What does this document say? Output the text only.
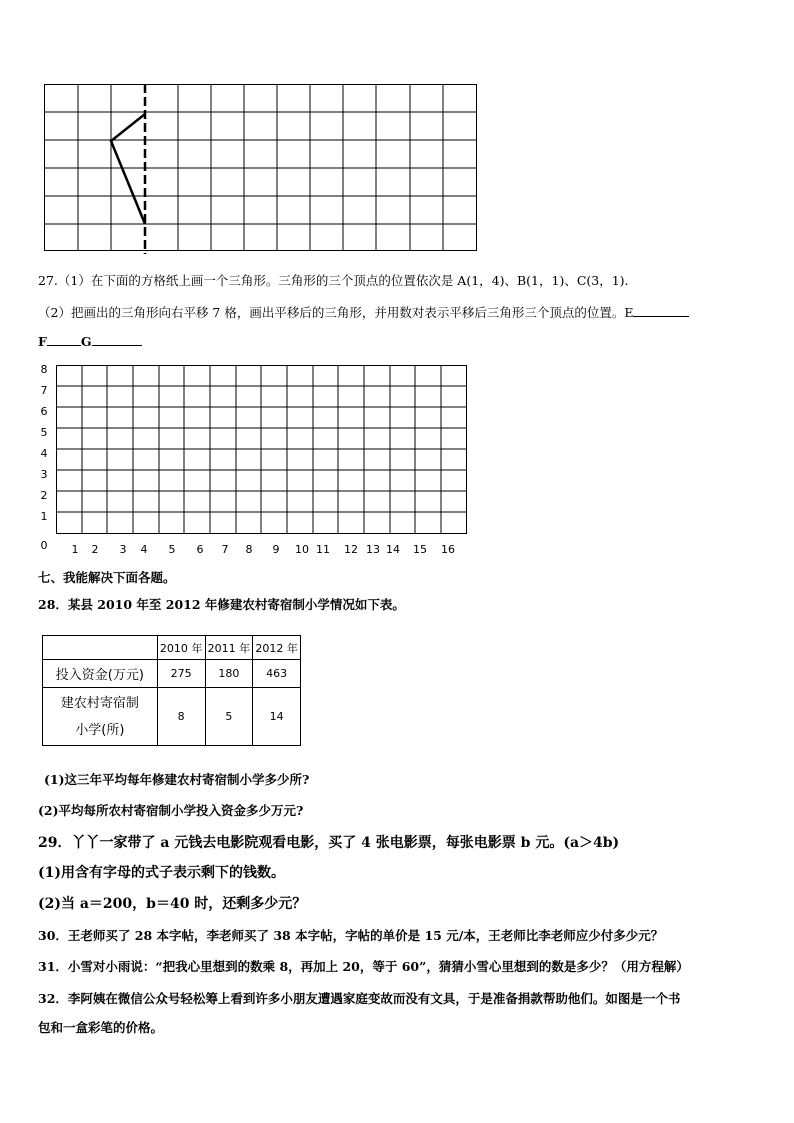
27.（1）在下面的方格纸上画一个三角形。三角形的三个顶点的位置依次是 A(1，4)、B(1，1)、C(3，1).
（2）把画出的三角形向右平移 7 格，画出平移后的三角形，并用数对表示平移后三角形三个顶点的位置。E
F	G
8
7
6
5
4
3
2
1
0 1 2 3 4 5 6 7 8 9 10 11 12 13 14 15 16
七、我能解决下面各题。
28．某县 2010 年至 2012 年修建农村寄宿制小学情况如下表。
	2010 年	2011 年	2012 年
投入资金(万元)	275	180	463

建农村寄宿制
小学(所)	8	5	14
(1)这三年平均每年修建农村寄宿制小学多少所?
(2)平均每所农村寄宿制小学投入资金多少万元?
29．丫丫一家带了 a 元钱去电影院观看电影，买了 4 张电影票，每张电影票 b 元。(a＞4b)
(1)用含有字母的式子表示剩下的钱数。
(2)当 a＝200，b＝40 时，还剩多少元？
30．王老师买了 28 本字帖，李老师买了 38 本字帖，字帖的单价是 15 元/本，王老师比李老师应少付多少元？
31．小雪对小雨说：“把我心里想到的数乘 8，再加上 20，等于 60”，猜猜小雪心里想到的数是多少？（用方程解）
32．李阿姨在微信公众号轻松筹上看到许多小朋友遭遇家庭变故而没有文具，于是准备捐款帮助他们。如图是一个书
包和一盒彩笔的价格。
